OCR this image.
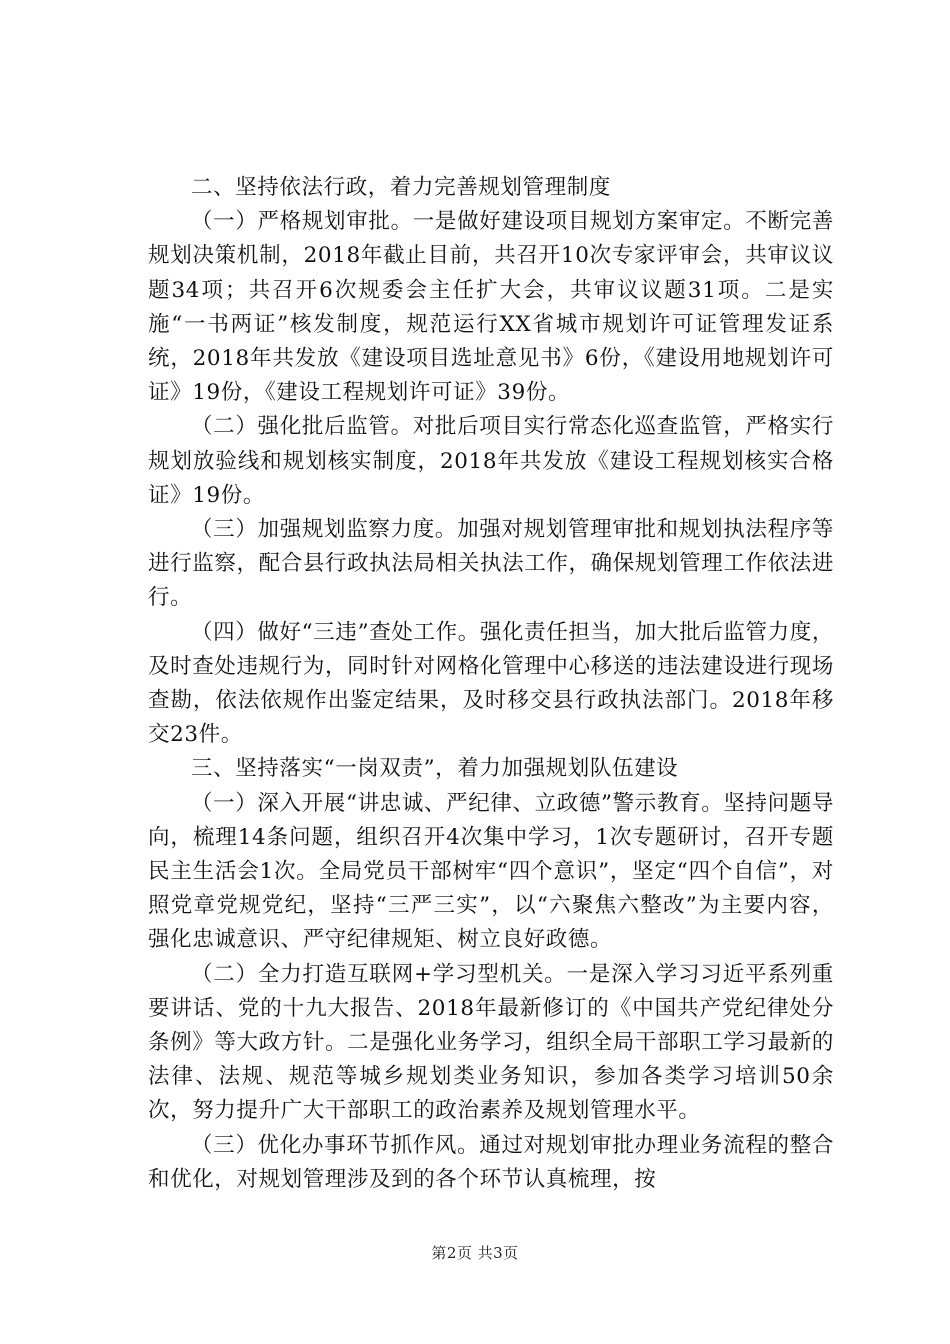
二、坚持依法行政，着力完善规划管理制度

（一）严格规划审批。一是做好建设项目规划方案审定。不断完善规划决策机制，2018年截止目前，共召开10次专家评审会，共审议议题34项；共召开6次规委会主任扩大会，共审议议题31项。二是实施“一书两证”核发制度，规范运行XX省城市规划许可证管理发证系统，2018年共发放《建设项目选址意见书》6份，《建设用地规划许可证》19份，《建设工程规划许可证》39份。

（二）强化批后监管。对批后项目实行常态化巡查监管，严格实行规划放验线和规划核实制度，2018年共发放《建设工程规划核实合格证》19份。

（三）加强规划监察力度。加强对规划管理审批和规划执法程序等进行监察，配合县行政执法局相关执法工作，确保规划管理工作依法进行。

（四）做好“三违”查处工作。强化责任担当，加大批后监管力度，及时查处违规行为，同时针对网格化管理中心移送的违法建设进行现场查勘，依法依规作出鉴定结果，及时移交县行政执法部门。2018年移交23件。

三、坚持落实“一岗双责”，着力加强规划队伍建设

（一）深入开展“讲忠诚、严纪律、立政德”警示教育。坚持问题导向，梳理14条问题，组织召开4次集中学习，1次专题研讨，召开专题民主生活会1次。全局党员干部树牢“四个意识”，坚定“四个自信”，对照党章党规党纪，坚持“三严三实”，以“六聚焦六整改”为主要内容，强化忠诚意识、严守纪律规矩、树立良好政德。

（二）全力打造互联网+学习型机关。一是深入学习习近平系列重要讲话、党的十九大报告、2018年最新修订的《中国共产党纪律处分条例》等大政方针。二是强化业务学习，组织全局干部职工学习最新的法律、法规、规范等城乡规划类业务知识，参加各类学习培训50余次，努力提升广大干部职工的政治素养及规划管理水平。

（三）优化办事环节抓作风。通过对规划审批办理业务流程的整合和优化，对规划管理涉及到的各个环节认真梳理，按

第2页 共3页
